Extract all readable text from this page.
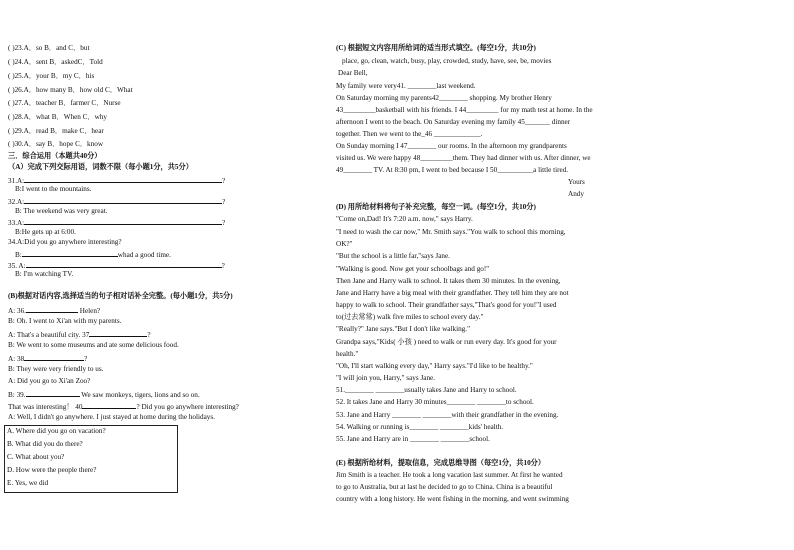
( )23.A．so B．and C．but
( )24.A．sent B．askedC．Told
( )25.A．your B．my C．his
( )26.A．how many B．how old C．What
( )27.A．teacher B．farmer C．Nurse
( )28.A．what B．When C．why
( )29.A．read B．make C．hear
( )30.A．say B．hope C．know
三．综合运用（本题共40分）
（A）完成下列交际用语，词数不限（每小题1分，共5分）
31.A:	?
B:I went to the mountains.
32.A:	?
B: The weekend was very great.
33.A:	?
B:He gets up at 6:00.
34.A:Did you go anywhere interesting?
B:	whad a good time.
35. A:	?
B: I'm watching TV.
(B)根据对话内容,选择适当的句子相对话补全完整。(每小题1分，共5分)
A: 36.	Helen?
B: Oh. I went to Xi'an with my parents.
A: That's a beautiful city. 37	?
B: We went to some museums and ate some delicious food.
A: 38	?
B: They were very friendly to us.
A: Did you go to Xi'an Zoo?
B: 39.	We saw monkeys, tigers, lions and so on.
That was interesting！ 40	? Did you go anywhere interesting?
A: Well, I didn't go anywhere. I just stayed at home during the holidays.
A. Where did you go on vacation?
B. What did you do there?
C. What about you?
D. How were the people there?
E. Yes, we did
(C) 根据短文内容用所给词的适当形式填空。(每空1分，共10分)
place, go, clean, watch, busy, play, crowded, study, have, see, be, movies
Dear Bell,
My family were very41. ________last weekend.
On Saturday morning my parents42________ shopping. My brother Henry
43_________basketball with his friends. I 44_________ for my math test at home. In the
afternoon I went to the beach. On Saturday evening my family 45_______ dinner
together. Then we went to the_46 _____________.
On Sunday morning I 47________ our rooms. In the afternoon my grandparents
visited us. We were happy 48_________them. They had dinner with us. After dinner, we
49________ TV. At 8:30 pm, I went to bed because I 50__________a little tired.
Yours
Andy
(D) 用所给材料将句子补充完整，每空一词。(每空1分，共10分)
"Come on,Dad! It's 7:20 a.m. now," says Harry.
"I need to wash the car now," Mr. Smith says."You walk to school this morning,
OK?"
"But the school is a little far,"says Jane.
"Walking is good. Now get your schoolbags and go!"
Then Jane and Harry walk to school. It takes them 30 minutes. In the evening,
Jane and Harry have a big meal with their grandfather. They tell him they are not
happy to walk to school. Their grandfather says,"That's good for you!"I used
to(过去常常) walk five miles to school every day."
"Really?" Jane says."But I don't like walking."
Grandpa says,"Kids( 小孩 ) need to walk or run every day. It's good for your
health."
"Oh, I'll start walking every day," Harry says."I'd like to be healthy."
"I will join you, Harry," says Jane.
51.________ ________usually takes Jane and Harry to school.
52. It takes Jane and Harry 30 minutes________ ________to school.
53. Jane and Harry ________ ________with their grandfather in the evening.
54. Walking or running is________ ________kids' health.
55. Jane and Harry are in ________ ________school.
(E) 根据所给材料，提取信息，完成思维导图（每空1分，共10分）
Jim Smith is a teacher. He took a long vacation last summer. At first he wanted
to go to Australia, but at last he decided to go to China. China is a beautiful
country with a long history. He went fishing in the morning, and went swimming
